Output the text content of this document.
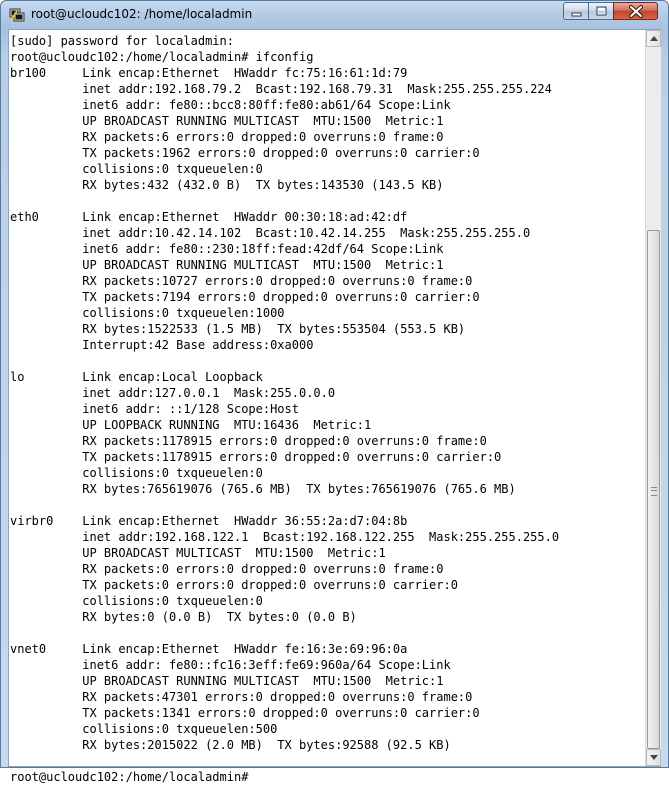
root@ucloudc102: /home/localadmin
[sudo] password for localadmin:
root@ucloudc102:/home/localadmin# ifconfig
br100     Link encap:Ethernet  HWaddr fc:75:16:61:1d:79
inet addr:192.168.79.2  Bcast:192.168.79.31  Mask:255.255.255.224
inet6 addr: fe80::bcc8:80ff:fe80:ab61/64 Scope:Link
UP BROADCAST RUNNING MULTICAST  MTU:1500  Metric:1
RX packets:6 errors:0 dropped:0 overruns:0 frame:0
TX packets:1962 errors:0 dropped:0 overruns:0 carrier:0
collisions:0 txqueuelen:0
RX bytes:432 (432.0 B)  TX bytes:143530 (143.5 KB)

eth0      Link encap:Ethernet  HWaddr 00:30:18:ad:42:df
inet addr:10.42.14.102  Bcast:10.42.14.255  Mask:255.255.255.0
inet6 addr: fe80::230:18ff:fead:42df/64 Scope:Link
UP BROADCAST RUNNING MULTICAST  MTU:1500  Metric:1
RX packets:10727 errors:0 dropped:0 overruns:0 frame:0
TX packets:7194 errors:0 dropped:0 overruns:0 carrier:0
collisions:0 txqueuelen:1000
RX bytes:1522533 (1.5 MB)  TX bytes:553504 (553.5 KB)
Interrupt:42 Base address:0xa000

lo        Link encap:Local Loopback
inet addr:127.0.0.1  Mask:255.0.0.0
inet6 addr: ::1/128 Scope:Host
UP LOOPBACK RUNNING  MTU:16436  Metric:1
RX packets:1178915 errors:0 dropped:0 overruns:0 frame:0
TX packets:1178915 errors:0 dropped:0 overruns:0 carrier:0
collisions:0 txqueuelen:0
RX bytes:765619076 (765.6 MB)  TX bytes:765619076 (765.6 MB)

virbr0    Link encap:Ethernet  HWaddr 36:55:2a:d7:04:8b
inet addr:192.168.122.1  Bcast:192.168.122.255  Mask:255.255.255.0
UP BROADCAST MULTICAST  MTU:1500  Metric:1
RX packets:0 errors:0 dropped:0 overruns:0 frame:0
TX packets:0 errors:0 dropped:0 overruns:0 carrier:0
collisions:0 txqueuelen:0
RX bytes:0 (0.0 B)  TX bytes:0 (0.0 B)

vnet0     Link encap:Ethernet  HWaddr fe:16:3e:69:96:0a
inet6 addr: fe80::fc16:3eff:fe69:960a/64 Scope:Link
UP BROADCAST RUNNING MULTICAST  MTU:1500  Metric:1
RX packets:47301 errors:0 dropped:0 overruns:0 frame:0
TX packets:1341 errors:0 dropped:0 overruns:0 carrier:0
collisions:0 txqueuelen:500
RX bytes:2015022 (2.0 MB)  TX bytes:92588 (92.5 KB)

root@ucloudc102:/home/localadmin#
